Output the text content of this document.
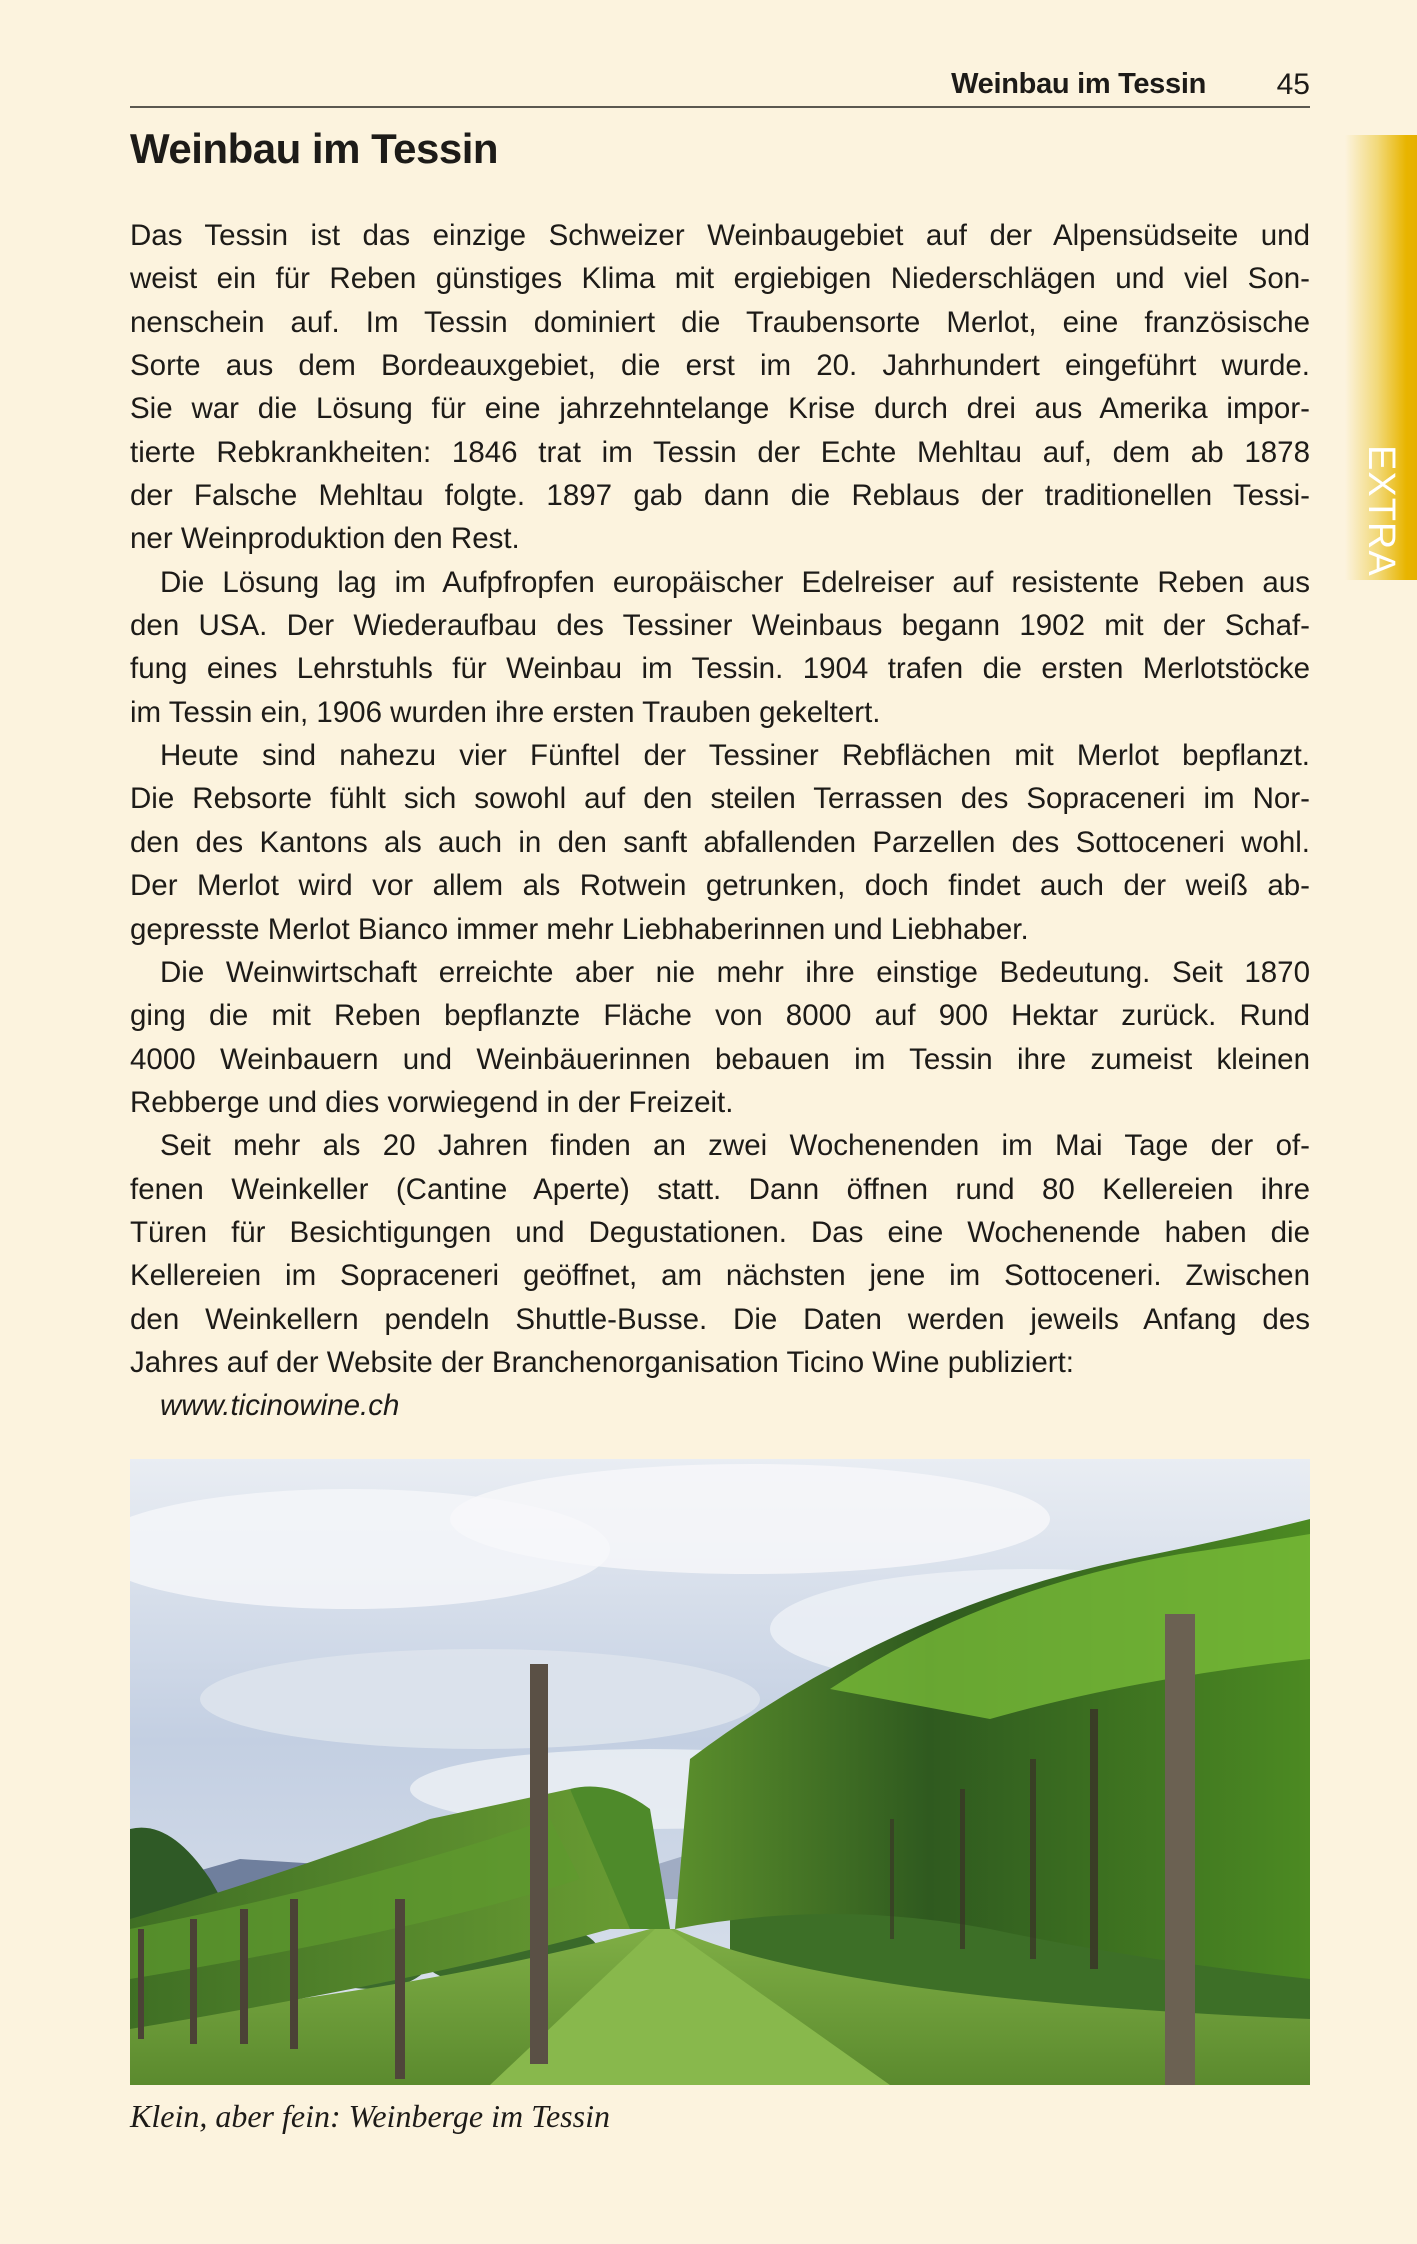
Weinbau im Tessin 45
EXTRA
Weinbau im Tessin
Das Tessin ist das einzige Schweizer Weinbaugebiet auf der Alpensüdseite und
weist ein für Reben günstiges Klima mit ergiebigen Niederschlägen und viel Son-
nenschein auf. Im Tessin dominiert die Traubensorte Merlot, eine französische
Sorte aus dem Bordeauxgebiet, die erst im 20. Jahrhundert eingeführt wurde.
Sie war die Lösung für eine jahrzehntelange Krise durch drei aus Amerika impor-
tierte Rebkrankheiten: 1846 trat im Tessin der Echte Mehltau auf, dem ab 1878
der Falsche Mehltau folgte. 1897 gab dann die Reblaus der traditionellen Tessi-
ner Weinproduktion den Rest.
Die Lösung lag im Aufpfropfen europäischer Edelreiser auf resistente Reben aus
den USA. Der Wiederaufbau des Tessiner Weinbaus begann 1902 mit der Schaf-
fung eines Lehrstuhls für Weinbau im Tessin. 1904 trafen die ersten Merlotstöcke
im Tessin ein, 1906 wurden ihre ersten Trauben gekeltert.
Heute sind nahezu vier Fünftel der Tessiner Rebflächen mit Merlot bepflanzt.
Die Rebsorte fühlt sich sowohl auf den steilen Terrassen des Sopraceneri im Nor-
den des Kantons als auch in den sanft abfallenden Parzellen des Sottoceneri wohl.
Der Merlot wird vor allem als Rotwein getrunken, doch findet auch der weiß ab-
gepresste Merlot Bianco immer mehr Liebhaberinnen und Liebhaber.
Die Weinwirtschaft erreichte aber nie mehr ihre einstige Bedeutung. Seit 1870
ging die mit Reben bepflanzte Fläche von 8000 auf 900 Hektar zurück. Rund
4000 Weinbauern und Weinbäuerinnen bebauen im Tessin ihre zumeist kleinen
Rebberge und dies vorwiegend in der Freizeit.
Seit mehr als 20 Jahren finden an zwei Wochenenden im Mai Tage der of-
fenen Weinkeller (Cantine Aperte) statt. Dann öffnen rund 80 Kellereien ihre
Türen für Besichtigungen und Degustationen. Das eine Wochenende haben die
Kellereien im Sopraceneri geöffnet, am nächsten jene im Sottoceneri. Zwischen
den Weinkellern pendeln Shuttle-Busse. Die Daten werden jeweils Anfang des
Jahres auf der Website der Branchenorganisation Ticino Wine publiziert:
www.ticinowine.ch
Klein, aber fein: Weinberge im Tessin
